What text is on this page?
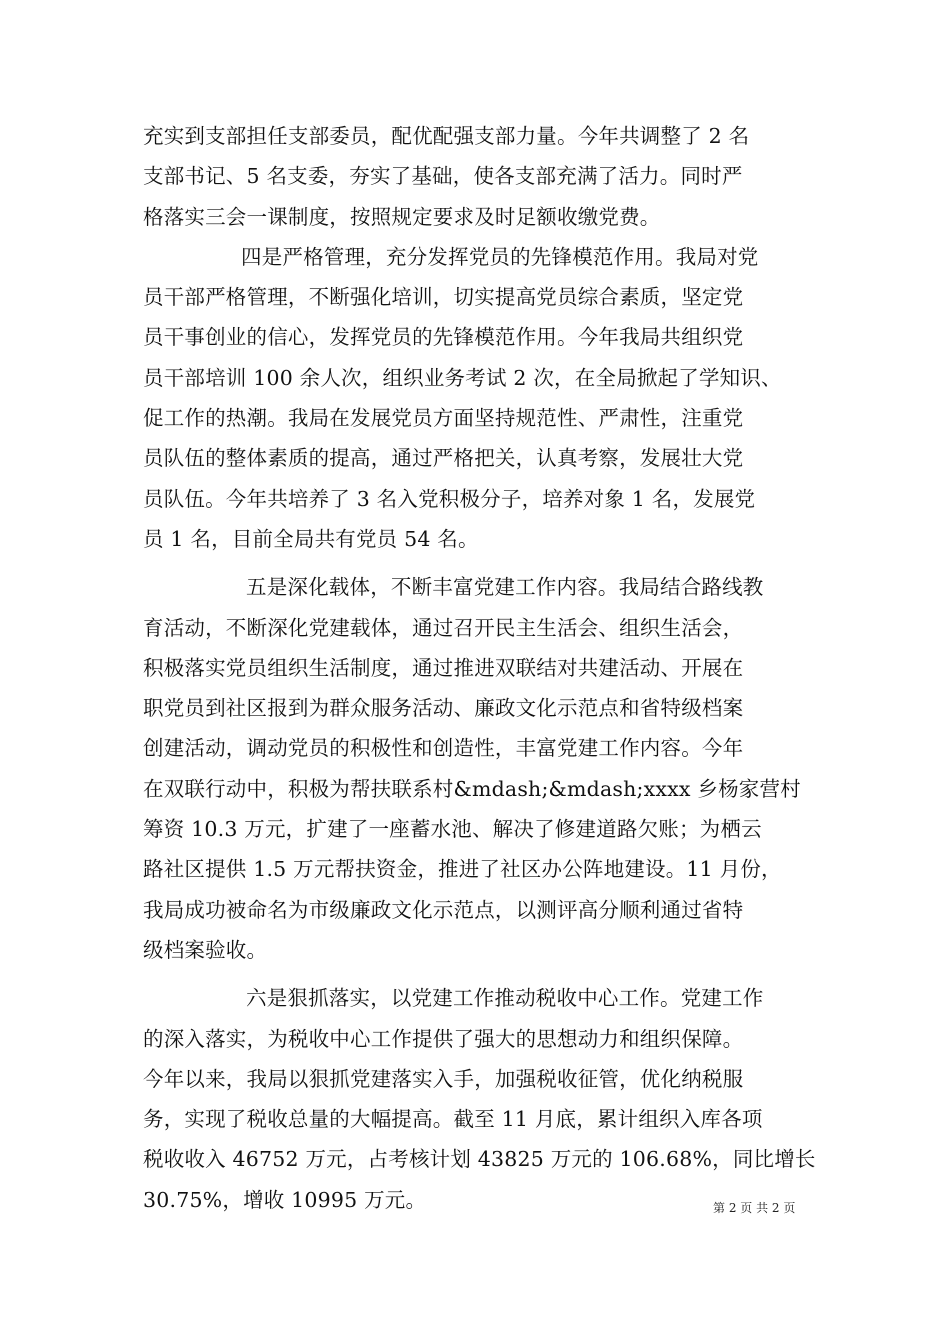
充实到支部担任支部委员，配优配强支部力量。今年共调整了 2 名
支部书记、5 名支委，夯实了基础，使各支部充满了活力。同时严
格落实三会一课制度，按照规定要求及时足额收缴党费。
四是严格管理，充分发挥党员的先锋模范作用。我局对党
员干部严格管理，不断强化培训，切实提高党员综合素质，坚定党
员干事创业的信心，发挥党员的先锋模范作用。今年我局共组织党
员干部培训 100 余人次，组织业务考试 2 次，在全局掀起了学知识、
促工作的热潮。我局在发展党员方面坚持规范性、严肃性，注重党
员队伍的整体素质的提高，通过严格把关，认真考察，发展壮大党
员队伍。今年共培养了 3 名入党积极分子，培养对象 1 名，发展党
员 1 名，目前全局共有党员 54 名。
五是深化载体，不断丰富党建工作内容。我局结合路线教
育活动，不断深化党建载体，通过召开民主生活会、组织生活会，
积极落实党员组织生活制度，通过推进双联结对共建活动、开展在
职党员到社区报到为群众服务活动、廉政文化示范点和省特级档案
创建活动，调动党员的积极性和创造性，丰富党建工作内容。今年
在双联行动中，积极为帮扶联系村&mdash;&mdash;xxxx 乡杨家营村
筹资 10.3 万元，扩建了一座蓄水池、解决了修建道路欠账；为栖云
路社区提供 1.5 万元帮扶资金，推进了社区办公阵地建设。11 月份，
我局成功被命名为市级廉政文化示范点，以测评高分顺利通过省特
级档案验收。
六是狠抓落实，以党建工作推动税收中心工作。党建工作
的深入落实，为税收中心工作提供了强大的思想动力和组织保障。
今年以来，我局以狠抓党建落实入手，加强税收征管，优化纳税服
务，实现了税收总量的大幅提高。截至 11 月底，累计组织入库各项
税收收入 46752 万元，占考核计划 43825 万元的 106.68%，同比增长
30.75%，增收 10995 万元。	第 2 页 共 2 页
